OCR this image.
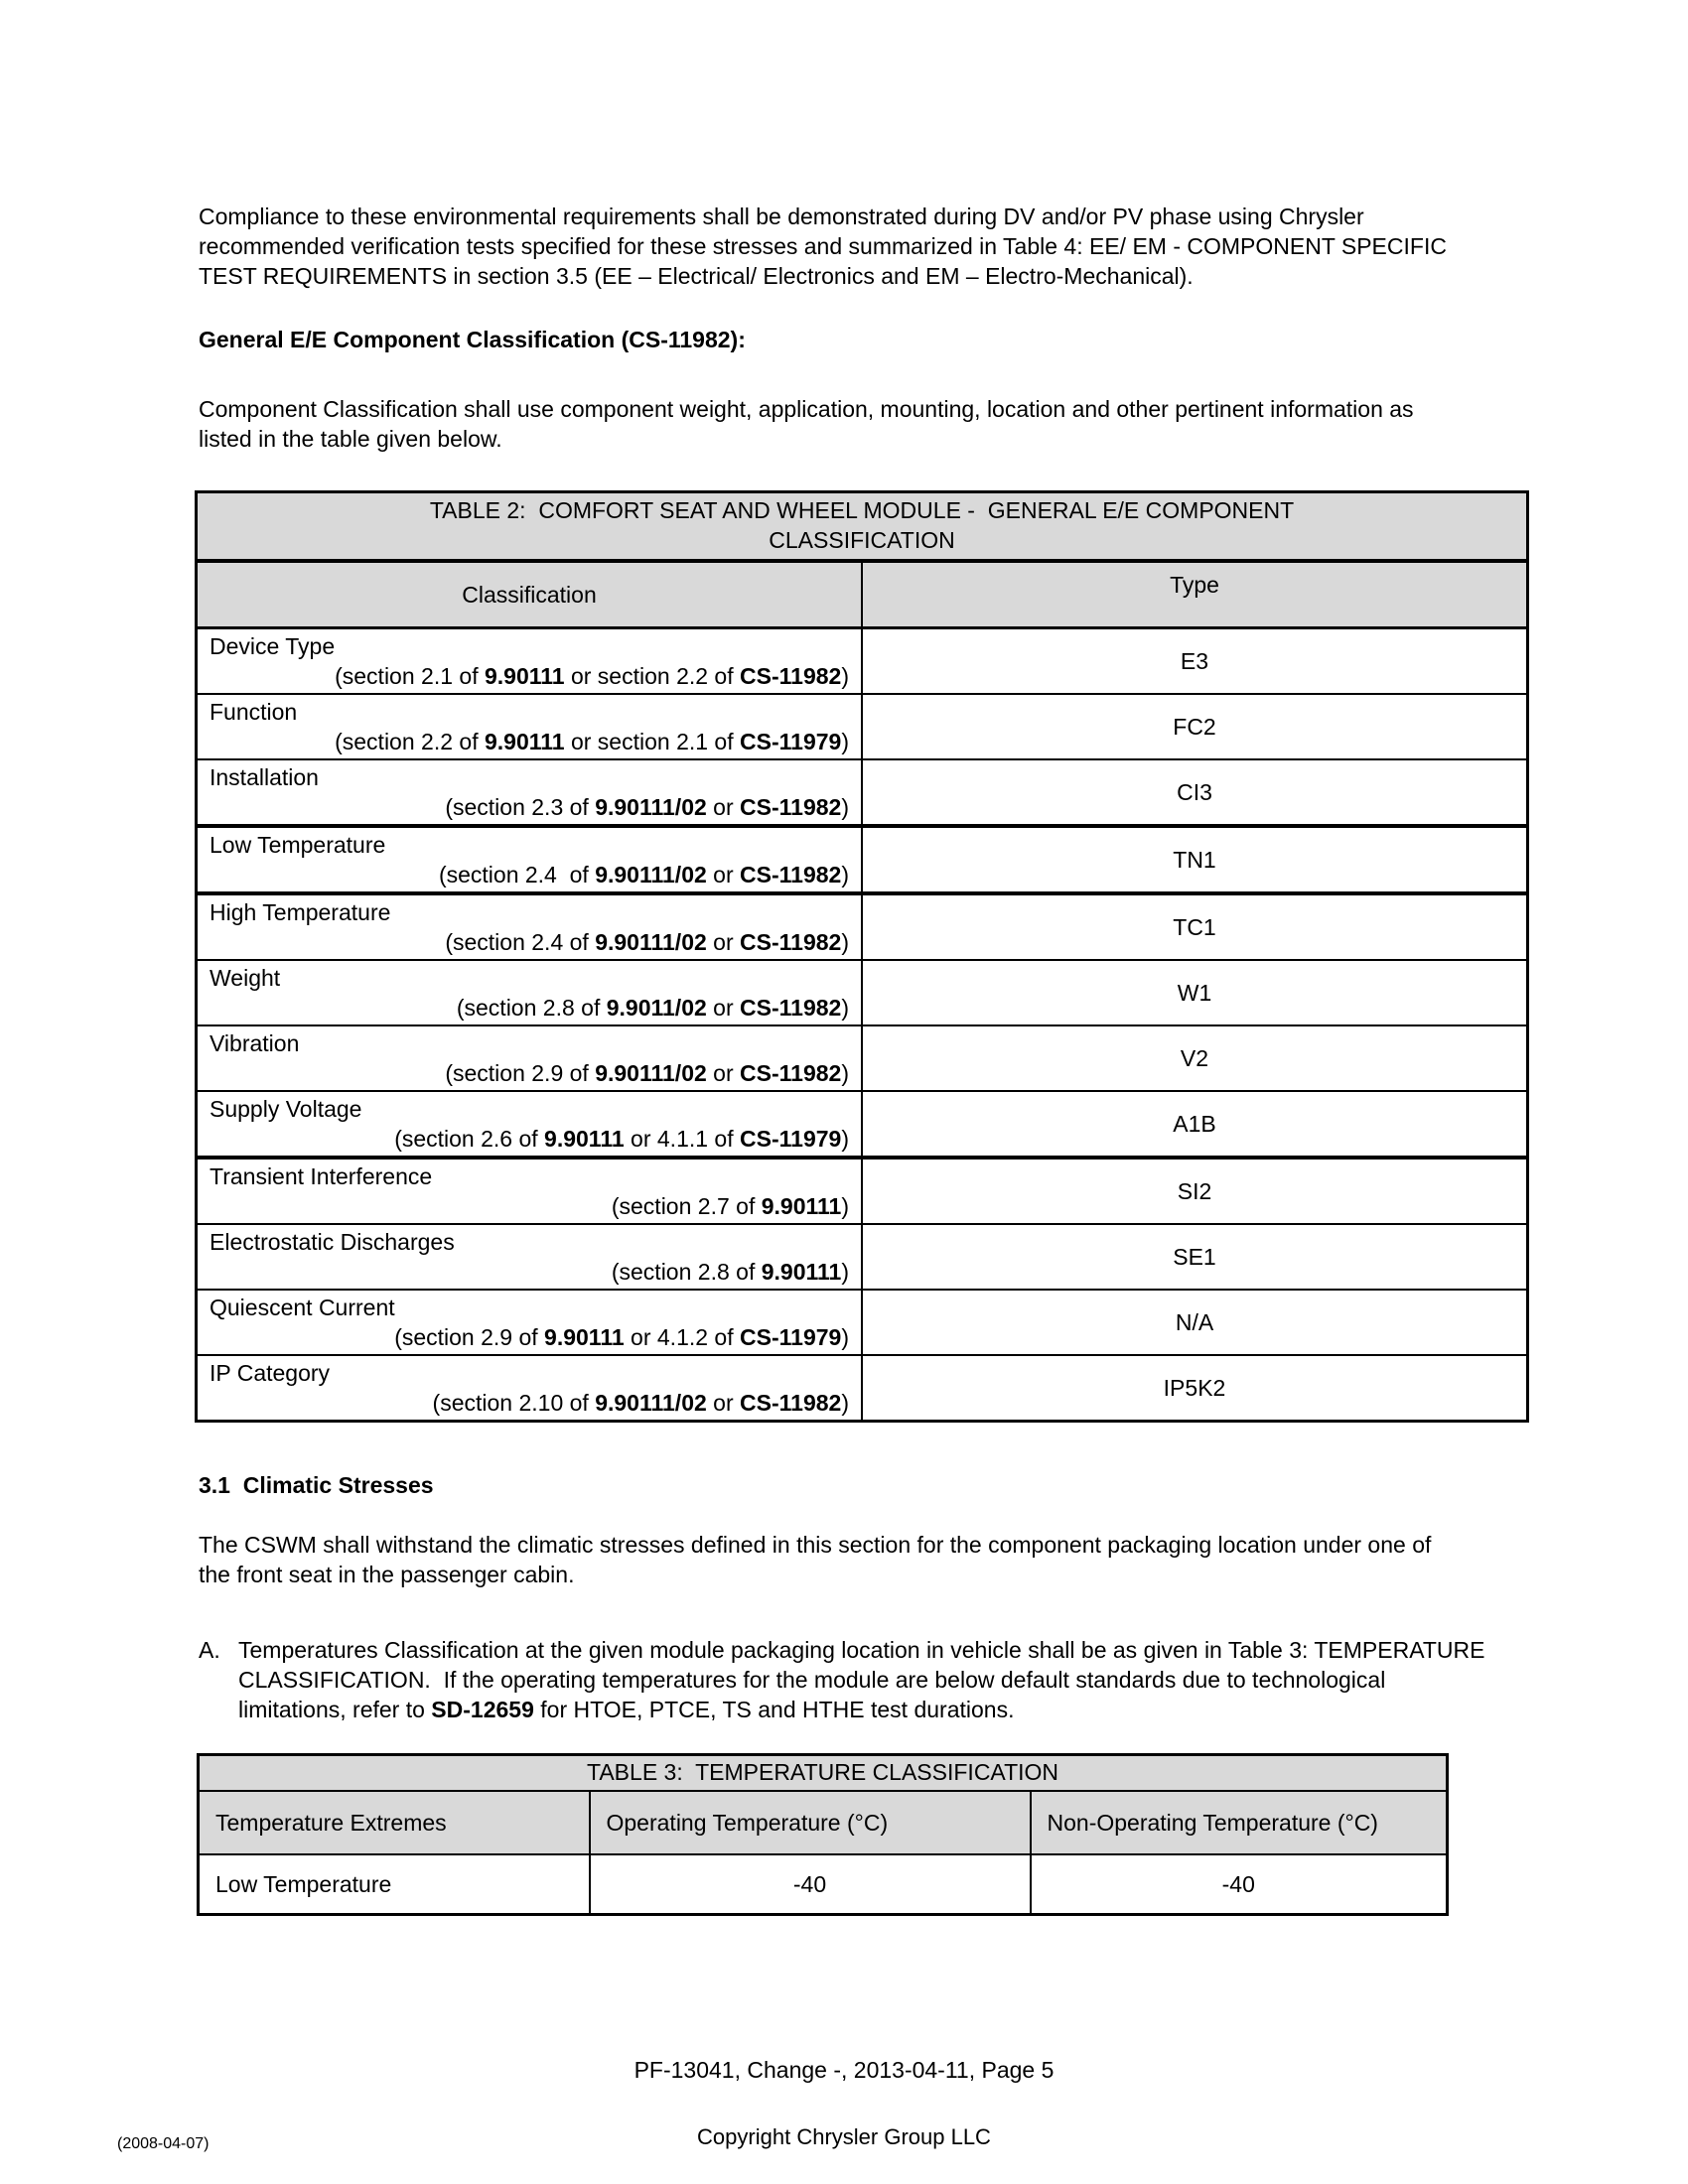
Compliance to these environmental requirements shall be demonstrated during DV and/or PV phase using Chrysler recommended verification tests specified for these stresses and summarized in Table 4: EE/ EM - COMPONENT SPECIFIC TEST REQUIREMENTS in section 3.5 (EE – Electrical/ Electronics and EM – Electro-Mechanical).

General E/E Component Classification (CS-11982):

Component Classification shall use component weight, application, mounting, location and other pertinent information as listed in the table given below.

TABLE 2:  COMFORT SEAT AND WHEEL MODULE -  GENERAL E/E COMPONENT CLASSIFICATION	
Classification	Type

Device Type
(section 2.1 of 9.90111 or section 2.2 of CS-11982)	E3

Function
(section 2.2 of 9.90111 or section 2.1 of CS-11979)	FC2

Installation
(section 2.3 of 9.90111/02 or CS-11982)	CI3

Low Temperature
(section 2.4  of 9.90111/02 or CS-11982)	TN1

High Temperature
(section 2.4 of 9.90111/02 or CS-11982)	TC1

Weight
(section 2.8 of 9.9011/02 or CS-11982)	W1

Vibration
(section 2.9 of 9.90111/02 or CS-11982)	V2

Supply Voltage
(section 2.6 of 9.90111 or 4.1.1 of CS-11979)	A1B

Transient Interference
(section 2.7 of 9.90111)	SI2

Electrostatic Discharges
(section 2.8 of 9.90111)	SE1

Quiescent Current
(section 2.9 of 9.90111 or 4.1.2 of CS-11979)	N/A

IP Category
(section 2.10 of 9.90111/02 or CS-11982)	IP5K2

3.1  Climatic Stresses

The CSWM shall withstand the climatic stresses defined in this section for the component packaging location under one of the front seat in the passenger cabin.

A. Temperatures Classification at the given module packaging location in vehicle shall be as given in Table 3: TEMPERATURE CLASSIFICATION.  If the operating temperatures for the module are below default standards due to technological limitations, refer to SD-12659 for HTOE, PTCE, TS and HTHE test durations.
TABLE 3:  TEMPERATURE CLASSIFICATION		
Temperature Extremes	Operating Temperature (°C)	Non-Operating Temperature (°C)
Low Temperature	-40	-40
PF-13041, Change -, 2013-04-11, Page 5
Copyright Chrysler Group LLC
(2008-04-07)
